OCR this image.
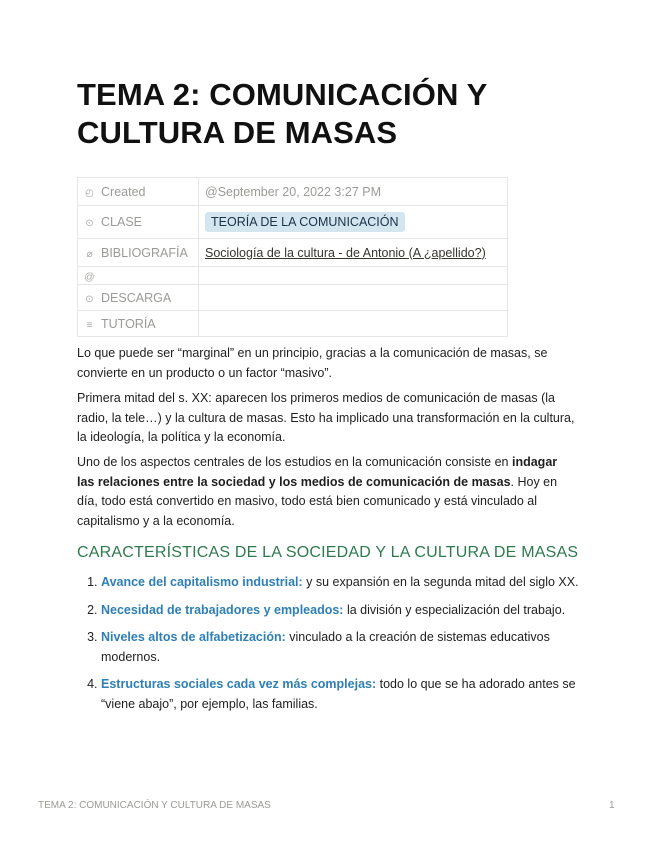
TEMA 2: COMUNICACIÓN Y CULTURA DE MASAS
◴ Created	@September 20, 2022 3:27 PM
⊙ CLASE	TEORÍA DE LA COMUNICACIÓN
⌀ BIBLIOGRAFÍA	Sociología de la cultura - de Antonio (A ¿apellido?)
@	
⊙ DESCARGA	
≡ TUTORÍA	

Lo que puede ser “marginal” en un principio, gracias a la comunicación de masas, se convierte en un producto o un factor “masivo”.

Primera mitad del s. XX: aparecen los primeros medios de comunicación de masas (la radio, la tele…) y la cultura de masas. Esto ha implicado una transformación en la cultura, la ideología, la política y la economía.

Uno de los aspectos centrales de los estudios en la comunicación consiste en indagar las relaciones entre la sociedad y los medios de comunicación de masas. Hoy en día, todo está convertido en masivo, todo está bien comunicado y está vinculado al capitalismo y a la economía.

CARACTERÍSTICAS DE LA SOCIEDAD Y LA CULTURA DE MASAS
1. Avance del capitalismo industrial: y su expansión en la segunda mitad del siglo XX.
2. Necesidad de trabajadores y empleados: la división y especialización del trabajo.
3. Niveles altos de alfabetización: vinculado a la creación de sistemas educativos modernos.
4. Estructuras sociales cada vez más complejas: todo lo que se ha adorado antes se “viene abajo”, por ejemplo, las familias.
TEMA 2: COMUNICACIÓN Y CULTURA DE MASAS	1
